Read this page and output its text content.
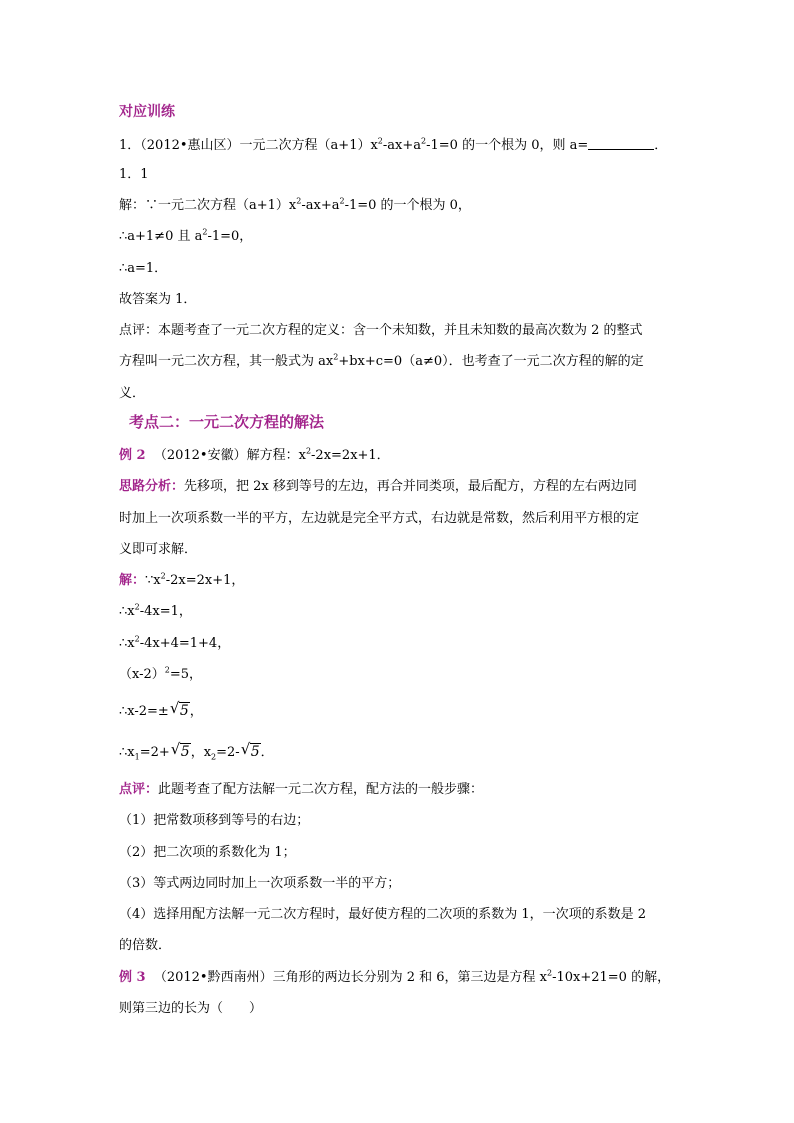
对应训练
1．（2012•惠山区）一元二次方程$(a+1)x^2-ax+a^2-1=0$ 的一个根为 0，则 a=	．
1．1
解：∵一元二次方程$(a+1)x^2-ax+a^2-1=0$ 的一个根为 0，
∴a+1≠0 且 $a^2-1=0$，
∴a=1．
故答案为 1．
点评：本题考查了一元二次方程的定义：含一个未知数，并且未知数的最高次数为 2 的整式
方程叫一元二次方程，其一般式为 $ax^2+bx+c=0(a\ne 0)$．也考查了一元二次方程的解的定
义．
考点二：一元二次方程的解法
例 2 （2012•安徽）解方程：$x^2-2x=2x+1$．
思路分析：先移项，把 2x 移到等号的左边，再合并同类项，最后配方，方程的左右两边同
时加上一次项系数一半的平方，左边就是完全平方式，右边就是常数，然后利用平方根的定
义即可求解．
解：$\because x^2-2x=2x+1$，
$\therefore x^2-4x=1$，
$\therefore x^2-4x+4=1+4$，
$(x-2)^2=5$，
∴x-2=± √ 5，
$\therefore x_1=2+$ √ 5，$x_2=2-$ √ 5．
点评：此题考查了配方法解一元二次方程，配方法的一般步骤：
（1）把常数项移到等号的右边；
（2）把二次项的系数化为 1；
（3）等式两边同时加上一次项系数一半的平方；
（4）选择用配方法解一元二次方程时，最好使方程的二次项的系数为 1，一次项的系数是 2
的倍数．
例 3 （2012•黔西南州）三角形的两边长分别为 2 和 6，第三边是方程 $x^2-10x+21=0$ 的解，
则第三边的长为（　　）
